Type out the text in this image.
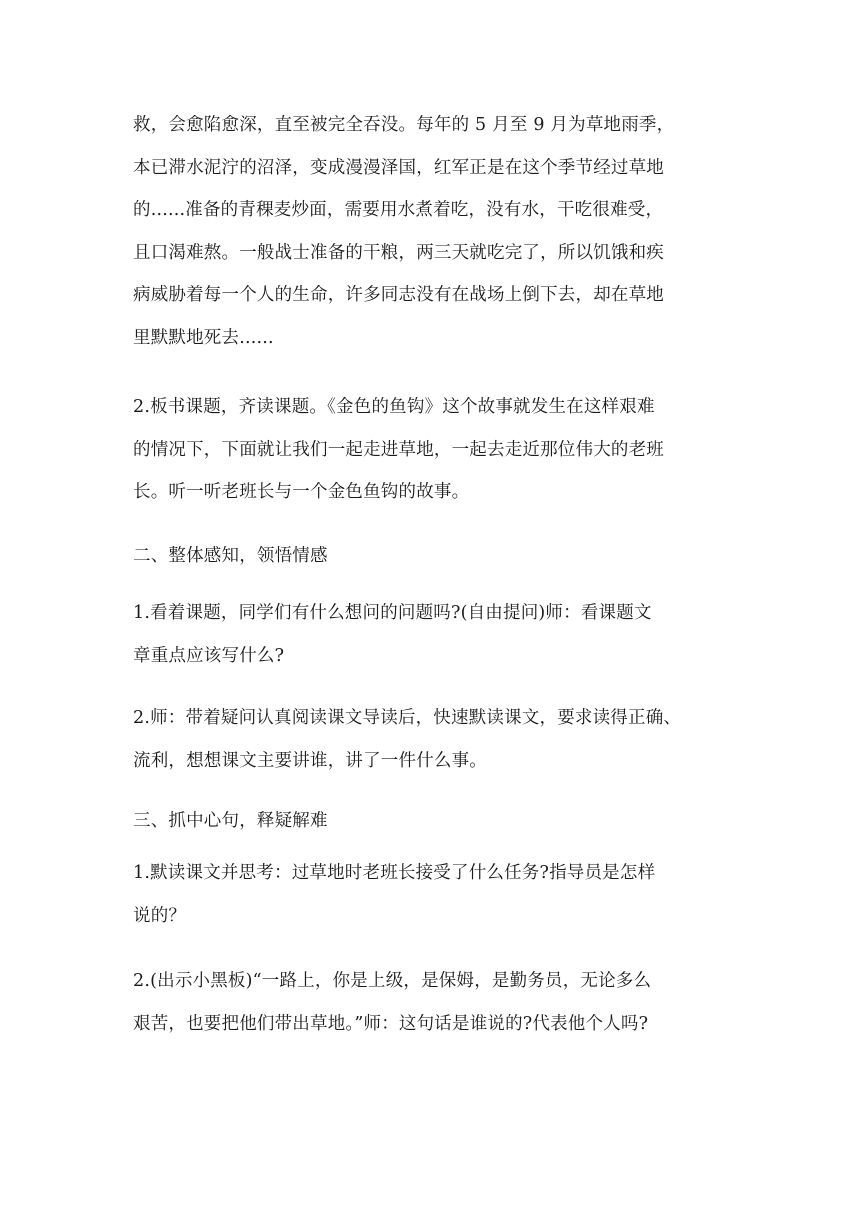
救，会愈陷愈深，直至被完全吞没。每年的 5 月至 9 月为草地雨季，
本已滞水泥泞的沼泽，变成漫漫泽国，红军正是在这个季节经过草地
的......准备的青稞麦炒面，需要用水煮着吃，没有水，干吃很难受，
且口渴难熬。一般战士准备的干粮，两三天就吃完了，所以饥饿和疾
病威胁着每一个人的生命，许多同志没有在战场上倒下去，却在草地
里默默地死去......
2.板书课题，齐读课题。《金色的鱼钩》这个故事就发生在这样艰难
的情况下，下面就让我们一起走进草地，一起去走近那位伟大的老班
长。听一听老班长与一个金色鱼钩的故事。
二、整体感知，领悟情感
1.看着课题，同学们有什么想问的问题吗?(自由提问)师：看课题文
章重点应该写什么?
2.师：带着疑问认真阅读课文导读后，快速默读课文，要求读得正确、
流利，想想课文主要讲谁，讲了一件什么事。
三、抓中心句，释疑解难
1.默读课文并思考：过草地时老班长接受了什么任务?指导员是怎样
说的？
2.(出示小黑板)“一路上，你是上级，是保姆，是勤务员，无论多么
艰苦，也要把他们带出草地。”师：这句话是谁说的?代表他个人吗?
